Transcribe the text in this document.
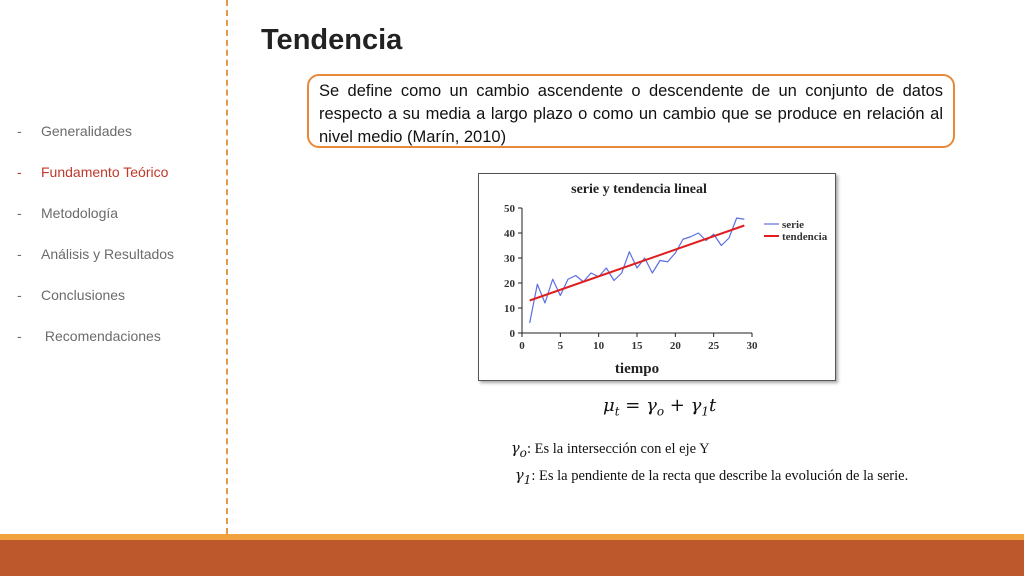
- Generalidades
- Fundamento Teórico
- Metodología
- Análisis y Resultados
- Conclusiones
- Recomendaciones
Tendencia
Se define como un cambio ascendente o descendente de un conjunto de datos respecto a su media a largo plazo o como un cambio que se produce en relación al nivel medio (Marín, 2010)
serie y tendencia lineal
tiempo
0	5	10 15 20 25 30
0
10
20
30
40
50
serie
tendencia
$\mu_t = \gamma_o + \gamma_1t$
$\gamma_o$: Es la intersección con el eje Y
$\gamma_1$: Es la pendiente de la recta que describe la evolución de la serie.
